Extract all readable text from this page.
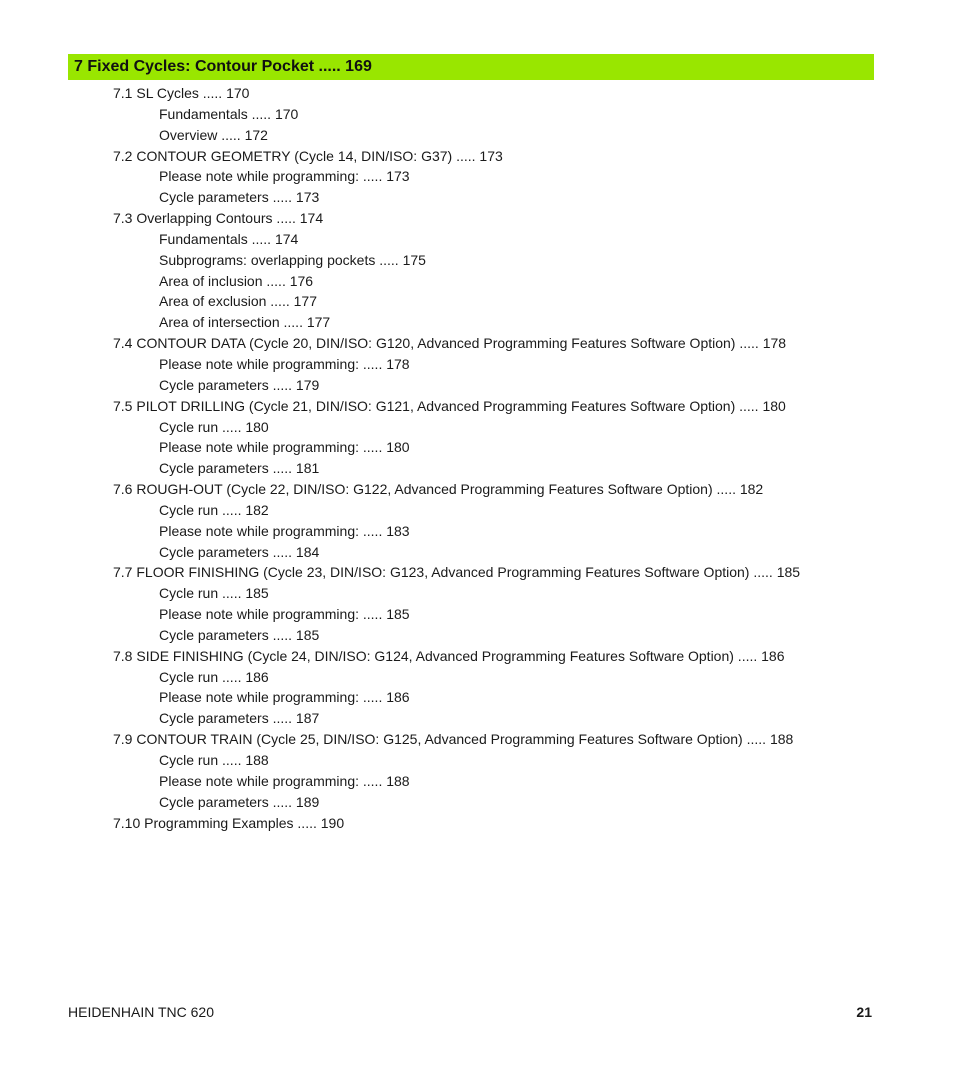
7 Fixed Cycles: Contour Pocket ..... 169
7.1 SL Cycles ..... 170
Fundamentals ..... 170
Overview ..... 172
7.2 CONTOUR GEOMETRY (Cycle 14, DIN/ISO: G37) ..... 173
Please note while programming: ..... 173
Cycle parameters ..... 173
7.3 Overlapping Contours ..... 174
Fundamentals ..... 174
Subprograms: overlapping pockets ..... 175
Area of inclusion ..... 176
Area of exclusion ..... 177
Area of intersection ..... 177
7.4 CONTOUR DATA (Cycle 20, DIN/ISO: G120, Advanced Programming Features Software Option) ..... 178
Please note while programming: ..... 178
Cycle parameters ..... 179
7.5 PILOT DRILLING (Cycle 21, DIN/ISO: G121, Advanced Programming Features Software Option) ..... 180
Cycle run ..... 180
Please note while programming: ..... 180
Cycle parameters ..... 181
7.6 ROUGH-OUT (Cycle 22, DIN/ISO: G122, Advanced Programming Features Software Option) ..... 182
Cycle run ..... 182
Please note while programming: ..... 183
Cycle parameters ..... 184
7.7 FLOOR FINISHING (Cycle 23, DIN/ISO: G123, Advanced Programming Features Software Option) ..... 185
Cycle run ..... 185
Please note while programming: ..... 185
Cycle parameters ..... 185
7.8 SIDE FINISHING (Cycle 24, DIN/ISO: G124, Advanced Programming Features Software Option) ..... 186
Cycle run ..... 186
Please note while programming: ..... 186
Cycle parameters ..... 187
7.9 CONTOUR TRAIN (Cycle 25, DIN/ISO: G125, Advanced Programming Features Software Option) ..... 188
Cycle run ..... 188
Please note while programming: ..... 188
Cycle parameters ..... 189
7.10 Programming Examples ..... 190
HEIDENHAIN TNC 620	21
